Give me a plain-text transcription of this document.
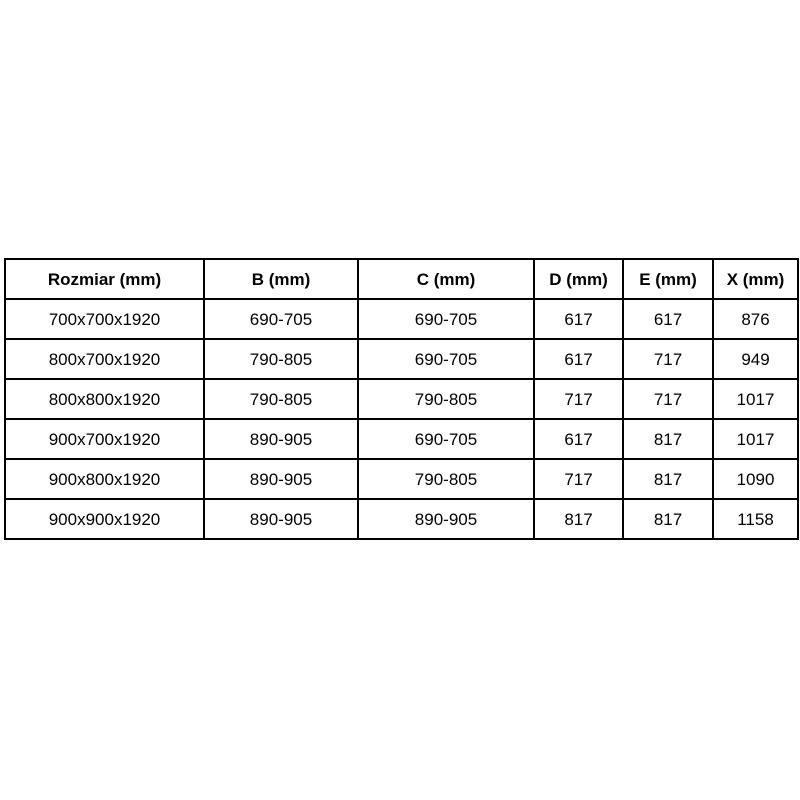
Rozmiar (mm)	B (mm)	C (mm)	D (mm)	E (mm)	X (mm)
700x700x1920	690-705	690-705	617	617	876
800x700x1920	790-805	690-705	617	717	949
800x800x1920	790-805	790-805	717	717	1017
900x700x1920	890-905	690-705	617	817	1017
900x800x1920	890-905	790-805	717	817	1090
900x900x1920	890-905	890-905	817	817	1158
